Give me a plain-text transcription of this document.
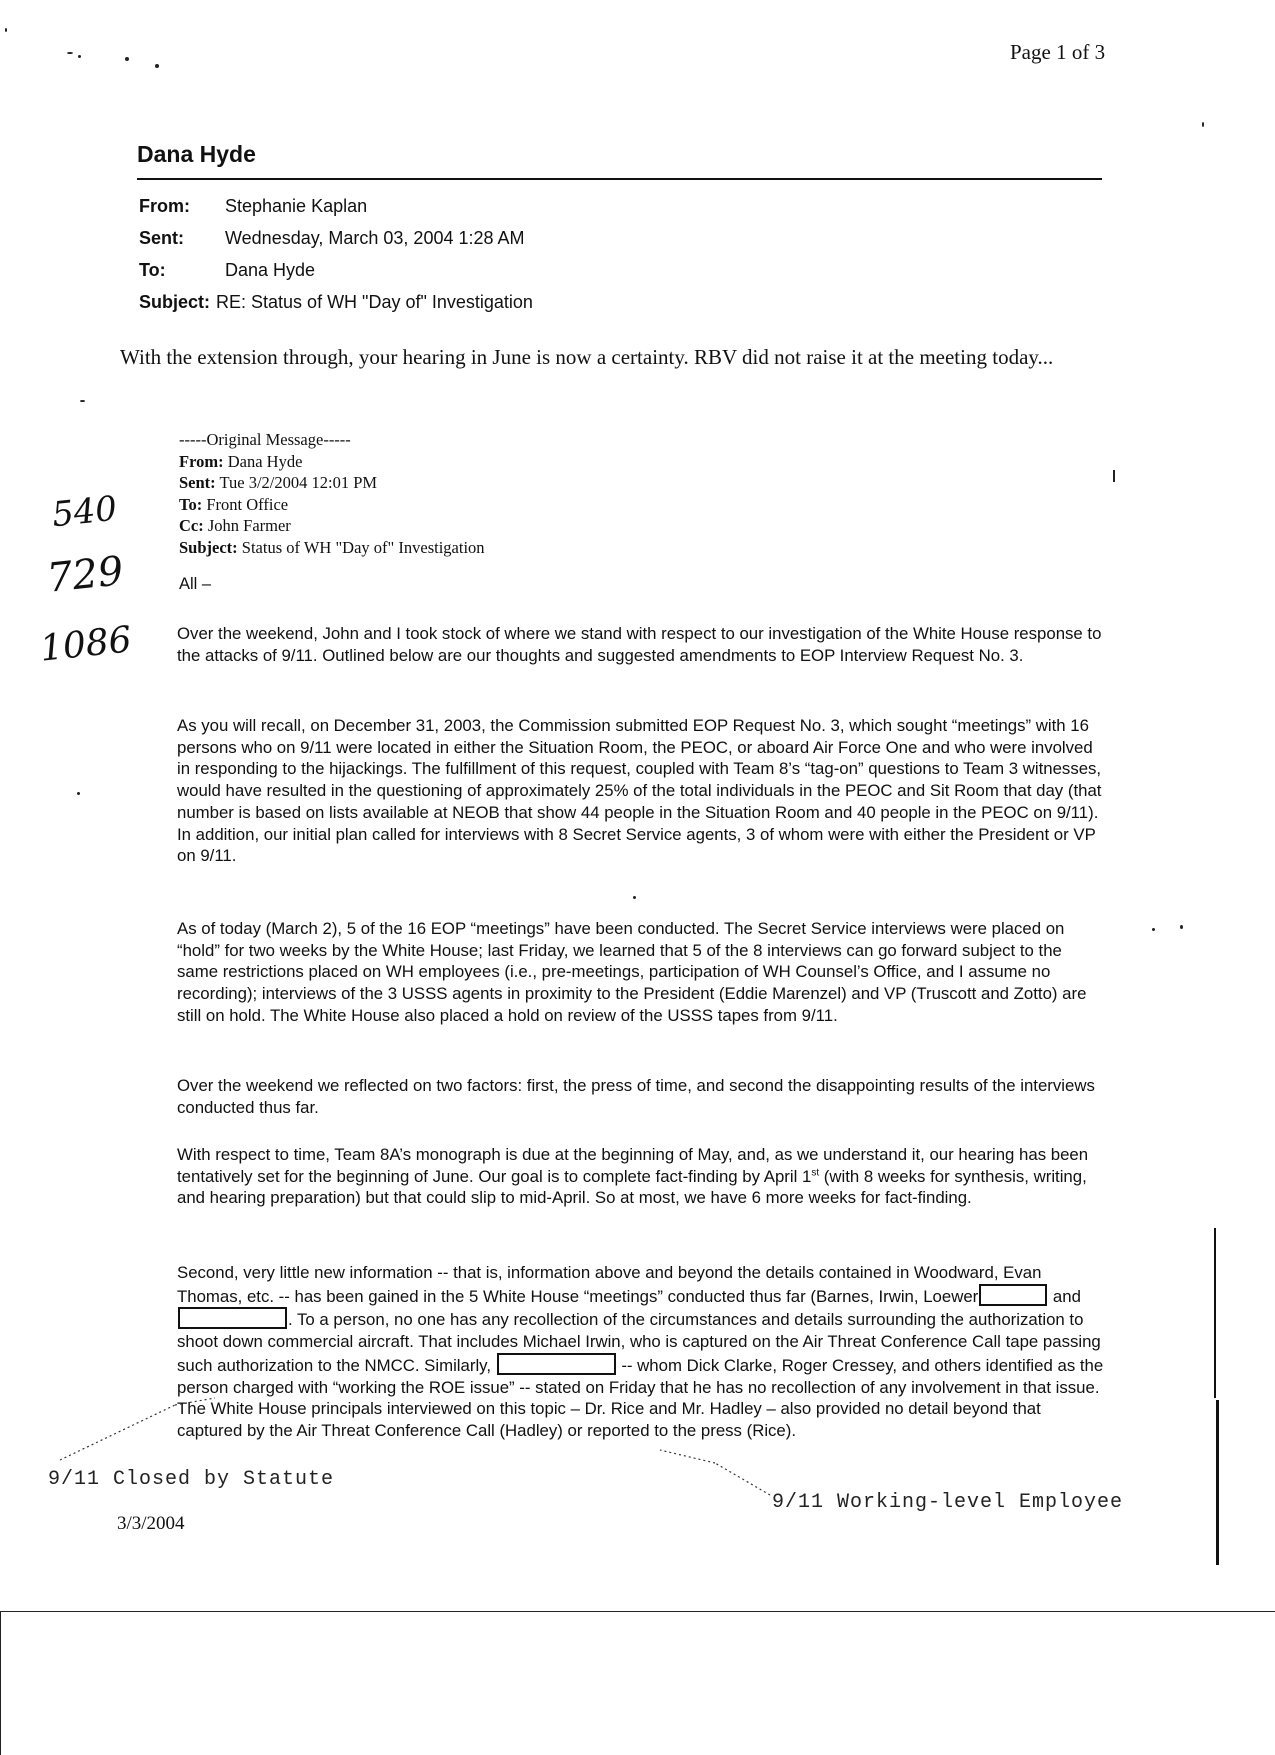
Page 1 of 3
Dana Hyde
From: Stephanie Kaplan
Sent: Wednesday, March 03, 2004 1:28 AM
To:	Dana Hyde
Subject: RE: Status of WH "Day of" Investigation
With the extension through, your hearing in June is now a certainty. RBV did not raise it at the meeting today...
-----Original Message-----
From: Dana Hyde
Sent: Tue 3/2/2004 12:01 PM
To: Front Office
Cc: John Farmer
Subject: Status of WH "Day of" Investigation
All –
Over the weekend, John and I took stock of where we stand with respect to our investigation of the White House response to the attacks of 9/11. Outlined below are our thoughts and suggested amendments to EOP Interview Request No. 3.
As you will recall, on December 31, 2003, the Commission submitted EOP Request No. 3, which sought “meetings” with 16 persons who on 9/11 were located in either the Situation Room, the PEOC, or aboard Air Force One and who were involved in responding to the hijackings. The fulfillment of this request, coupled with Team 8’s “tag-on” questions to Team 3 witnesses, would have resulted in the questioning of approximately 25% of the total individuals in the PEOC and Sit Room that day (that number is based on lists available at NEOB that show 44 people in the Situation Room and 40 people in the PEOC on 9/11). In addition, our initial plan called for interviews with 8 Secret Service agents, 3 of whom were with either the President or VP on 9/11.
As of today (March 2), 5 of the 16 EOP “meetings” have been conducted. The Secret Service interviews were placed on “hold” for two weeks by the White House; last Friday, we learned that 5 of the 8 interviews can go forward subject to the same restrictions placed on WH employees (i.e., pre-meetings, participation of WH Counsel’s Office, and I assume no recording); interviews of the 3 USSS agents in proximity to the President (Eddie Marenzel) and VP (Truscott and Zotto) are still on hold. The White House also placed a hold on review of the USSS tapes from 9/11.
Over the weekend we reflected on two factors: first, the press of time, and second the disappointing results of the interviews conducted thus far.
With respect to time, Team 8A’s monograph is due at the beginning of May, and, as we understand it, our hearing has been tentatively set for the beginning of June. Our goal is to complete fact-finding by April 1st (with 8 weeks for synthesis, writing, and hearing preparation) but that could slip to mid-April. So at most, we have 6 more weeks for fact-finding.
Second, very little new information -- that is, information above and beyond the details contained in Woodward, Evan Thomas, etc. -- has been gained in the 5 White House “meetings” conducted thus far (Barnes, Irwin, Loewer	and . To a person, no one has any recollection of the circumstances and details surrounding the authorization to shoot down commercial aircraft. That includes Michael Irwin, who is captured on the Air Threat Conference Call tape passing such authorization to the NMCC. Similarly,	-- whom Dick Clarke, Roger Cressey, and others identified as the person charged with “working the ROE issue” -- stated on Friday that he has no recollection of any involvement in that issue. The White House principals interviewed on this topic – Dr. Rice and Mr. Hadley – also provided no detail beyond that captured by the Air Threat Conference Call (Hadley) or reported to the press (Rice).
9/11 Closed by Statute
9/11 Working-level Employee
3/3/2004
540
729
1086
